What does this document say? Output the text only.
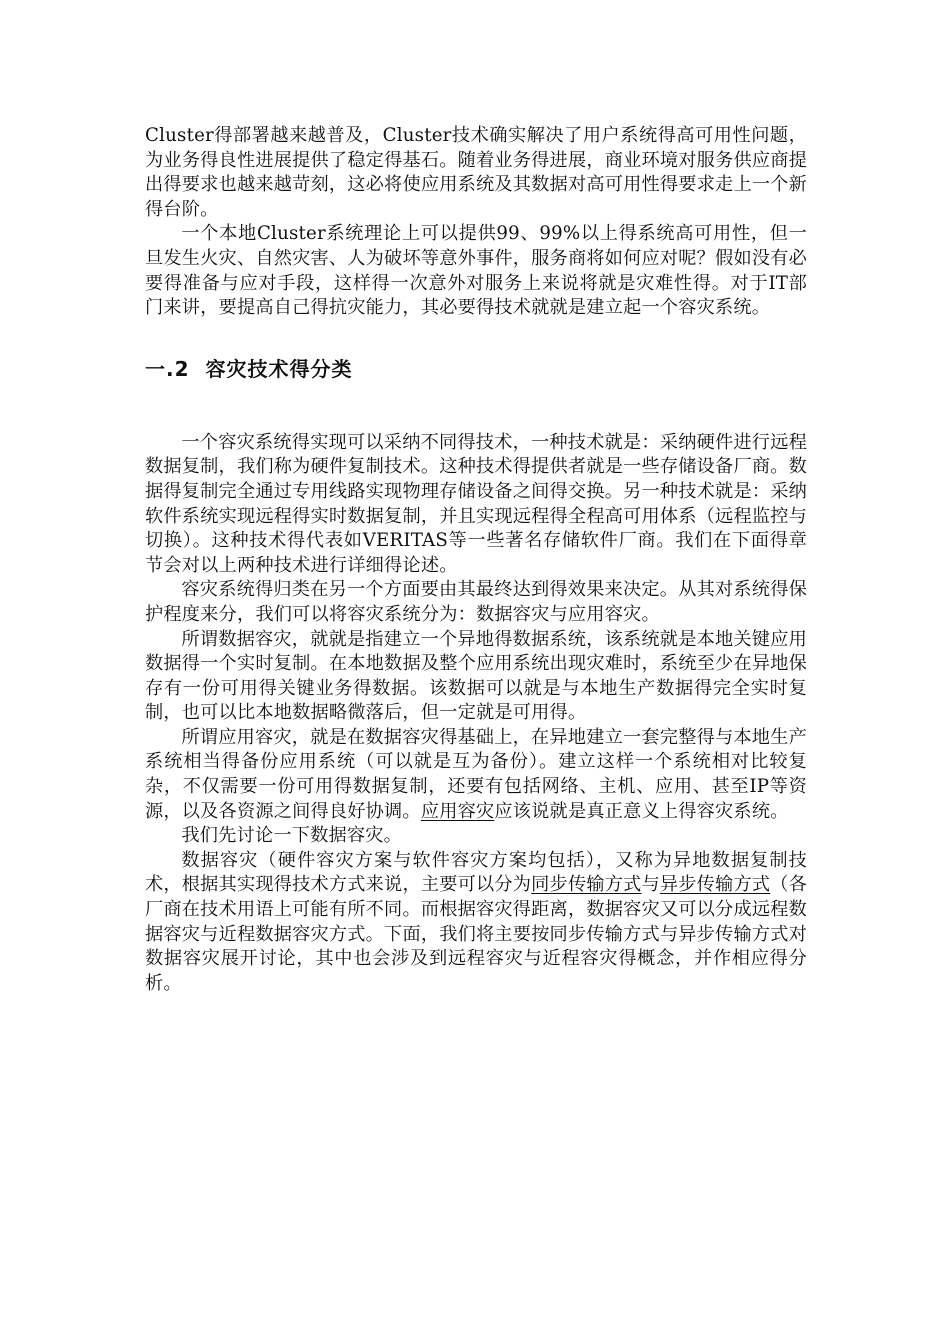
Cluster得部署越来越普及，Cluster技术确实解决了用户系统得高可用性问题，为业务得良性进展提供了稳定得基石。随着业务得进展，商业环境对服务供应商提出得要求也越来越苛刻，这必将使应用系统及其数据对高可用性得要求走上一个新得台阶。

一个本地Cluster系统理论上可以提供99、99%以上得系统高可用性，但一旦发生火灾、自然灾害、人为破坏等意外事件，服务商将如何应对呢？假如没有必要得准备与应对手段，这样得一次意外对服务上来说将就是灾难性得。对于IT部门来讲，要提高自己得抗灾能力，其必要得技术就就是建立起一个容灾系统。

一.2 容灾技术得分类

一个容灾系统得实现可以采纳不同得技术，一种技术就是：采纳硬件进行远程数据复制，我们称为硬件复制技术。这种技术得提供者就是一些存储设备厂商。数据得复制完全通过专用线路实现物理存储设备之间得交换。另一种技术就是：采纳软件系统实现远程得实时数据复制，并且实现远程得全程高可用体系（远程监控与切换）。这种技术得代表如VERITAS等一些著名存储软件厂商。我们在下面得章节会对以上两种技术进行详细得论述。

容灾系统得归类在另一个方面要由其最终达到得效果来决定。从其对系统得保护程度来分，我们可以将容灾系统分为：数据容灾与应用容灾。

所谓数据容灾，就就是指建立一个异地得数据系统，该系统就是本地关键应用数据得一个实时复制。在本地数据及整个应用系统出现灾难时，系统至少在异地保存有一份可用得关键业务得数据。该数据可以就是与本地生产数据得完全实时复制，也可以比本地数据略微落后，但一定就是可用得。

所谓应用容灾，就是在数据容灾得基础上，在异地建立一套完整得与本地生产系统相当得备份应用系统（可以就是互为备份）。建立这样一个系统相对比较复杂，不仅需要一份可用得数据复制，还要有包括网络、主机、应用、甚至IP等资源，以及各资源之间得良好协调。应用容灾应该说就是真正意义上得容灾系统。

我们先讨论一下数据容灾。

数据容灾（硬件容灾方案与软件容灾方案均包括），又称为异地数据复制技术，根据其实现得技术方式来说，主要可以分为同步传输方式与异步传输方式（各厂商在技术用语上可能有所不同。而根据容灾得距离，数据容灾又可以分成远程数据容灾与近程数据容灾方式。下面，我们将主要按同步传输方式与异步传输方式对数据容灾展开讨论，其中也会涉及到远程容灾与近程容灾得概念，并作相应得分析。
